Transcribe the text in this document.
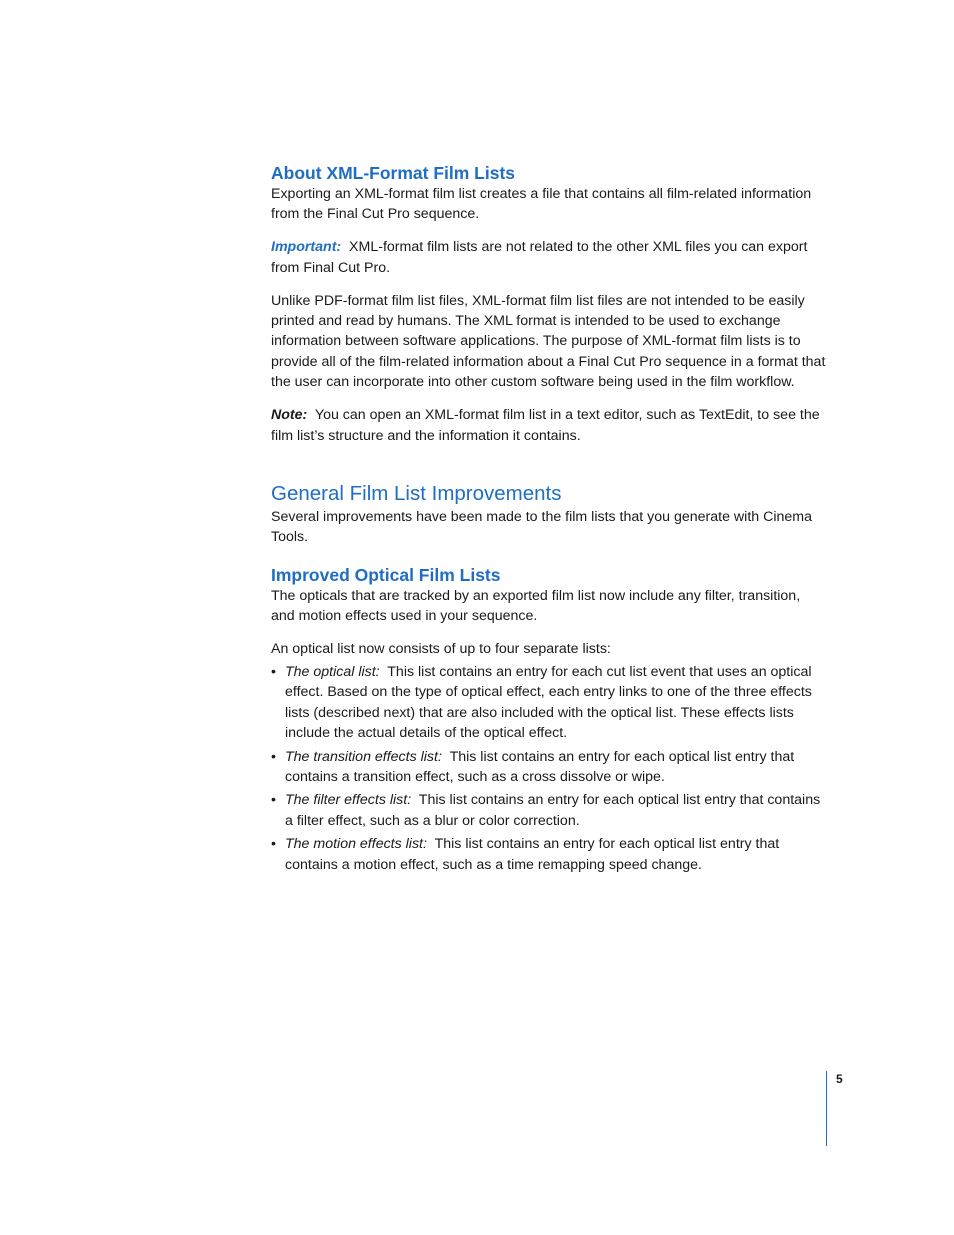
About XML-Format Film Lists

Exporting an XML-format film list creates a file that contains all film-related information from the Final Cut Pro sequence.

Important: XML-format film lists are not related to the other XML files you can export from Final Cut Pro.

Unlike PDF-format film list files, XML-format film list files are not intended to be easily printed and read by humans. The XML format is intended to be used to exchange information between software applications. The purpose of XML-format film lists is to provide all of the film-related information about a Final Cut Pro sequence in a format that the user can incorporate into other custom software being used in the film workflow.

Note: You can open an XML-format film list in a text editor, such as TextEdit, to see the film list’s structure and the information it contains.

General Film List Improvements

Several improvements have been made to the film lists that you generate with Cinema Tools.

Improved Optical Film Lists

The opticals that are tracked by an exported film list now include any filter, transition, and motion effects used in your sequence.

An optical list now consists of up to four separate lists:

• The optical list: This list contains an entry for each cut list event that uses an optical effect. Based on the type of optical effect, each entry links to one of the three effects lists (described next) that are also included with the optical list. These effects lists include the actual details of the optical effect.
• The transition effects list: This list contains an entry for each optical list entry that contains a transition effect, such as a cross dissolve or wipe.
• The filter effects list: This list contains an entry for each optical list entry that contains a filter effect, such as a blur or color correction.
• The motion effects list: This list contains an entry for each optical list entry that contains a motion effect, such as a time remapping speed change.
5
